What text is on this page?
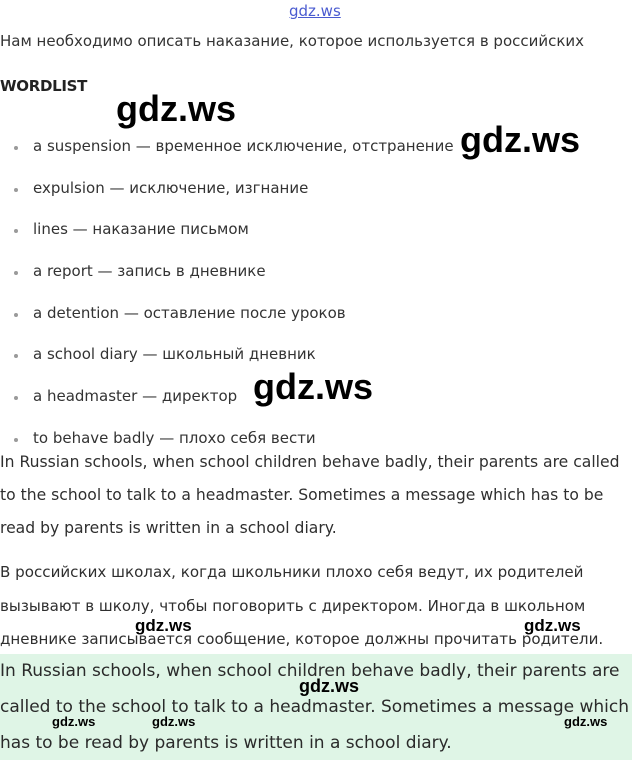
gdz.ws
Нам необходимо описать наказание, которое используется в российских
WORDLIST
a suspension — временное исключение, отстранение
expulsion — исключение, изгнание
lines — наказание письмом
a report — запись в дневнике
a detention — оставление после уроков
a school diary — школьный дневник
a headmaster — директор
to behave badly — плохо себя вести

In Russian schools, when school children behave badly, their parents are called to the school to talk to a headmaster. Sometimes a message which has to be read by parents is written in a school diary.

В российских школах, когда школьники плохо себя ведут, их родителей вызывают в школу, чтобы поговорить с директором. Иногда в школьном дневнике записывается сообщение, которое должны прочитать родители.

In Russian schools, when school children behave badly, their parents are called to the school to talk to a headmaster. Sometimes a message which has to be read by parents is written in a school diary.

gdz.ws
gdz.ws
gdz.ws
gdz.ws	gdz.ws
gdz.ws
gdz.ws	gdz.ws	gdz.ws
